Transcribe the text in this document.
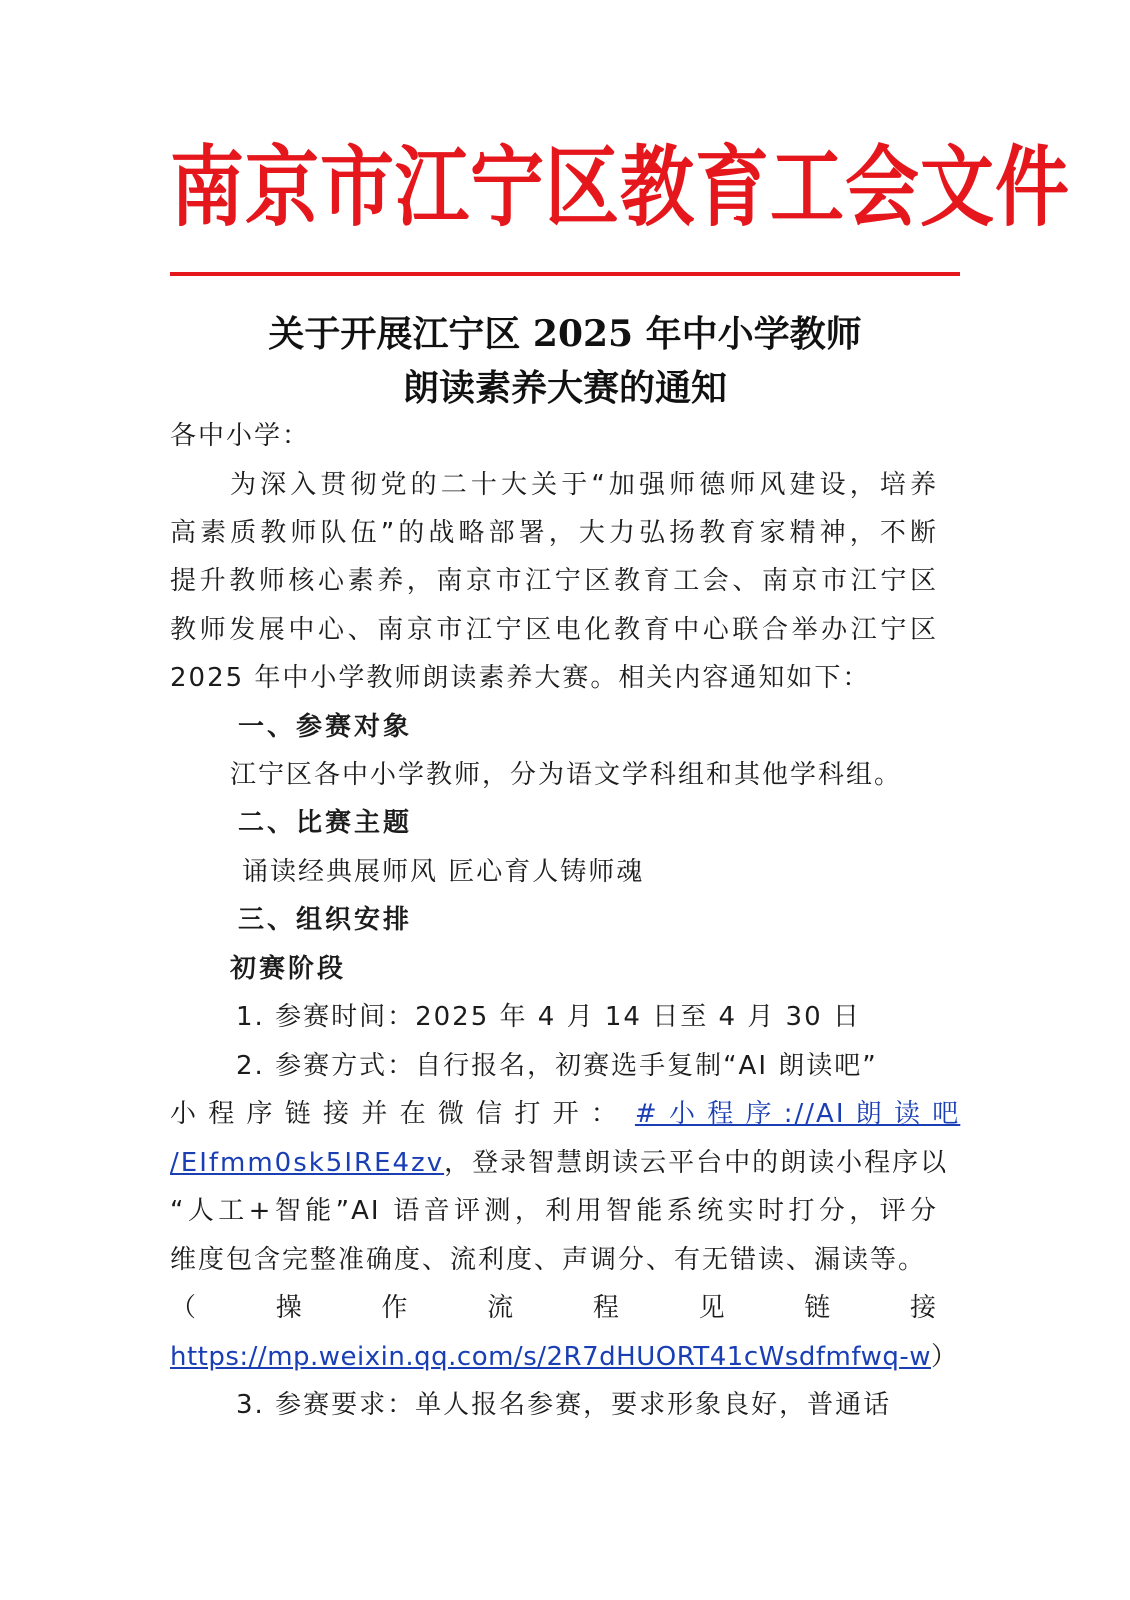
南京市江宁区教育工会文件
关于开展江宁区 2025 年中小学教师
朗读素养大赛的通知
各中小学：
为深入贯彻党的二十大关于“加强师德师风建设，培养
高素质教师队伍”的战略部署，大力弘扬教育家精神，不断
提升教师核心素养，南京市江宁区教育工会、南京市江宁区
教师发展中心、南京市江宁区电化教育中心联合举办江宁区
2025 年中小学教师朗读素养大赛。相关内容通知如下：
一、参赛对象
江宁区各中小学教师，分为语文学科组和其他学科组。
二、比赛主题
诵读经典展师风 匠心育人铸师魂
三、组织安排
初赛阶段
1. 参赛时间：2025 年 4 月 14 日至 4 月 30 日
2. 参赛方式：自行报名，初赛选手复制“AI 朗读吧”
小 程 序 链 接 并 在 微 信 打 开 ： # 小 程 序 ://AI 朗 读 吧
/EIfmm0sk5IRE4zv，登录智慧朗读云平台中的朗读小程序以
“人工+智能”AI 语音评测，利用智能系统实时打分，评分
维度包含完整准确度、流利度、声调分、有无错读、漏读等。
（ 操 作 流 程 见 链 接
https://mp.weixin.qq.com/s/2R7dHUORT41cWsdfmfwq-w）
3. 参赛要求：单人报名参赛，要求形象良好，普通话
